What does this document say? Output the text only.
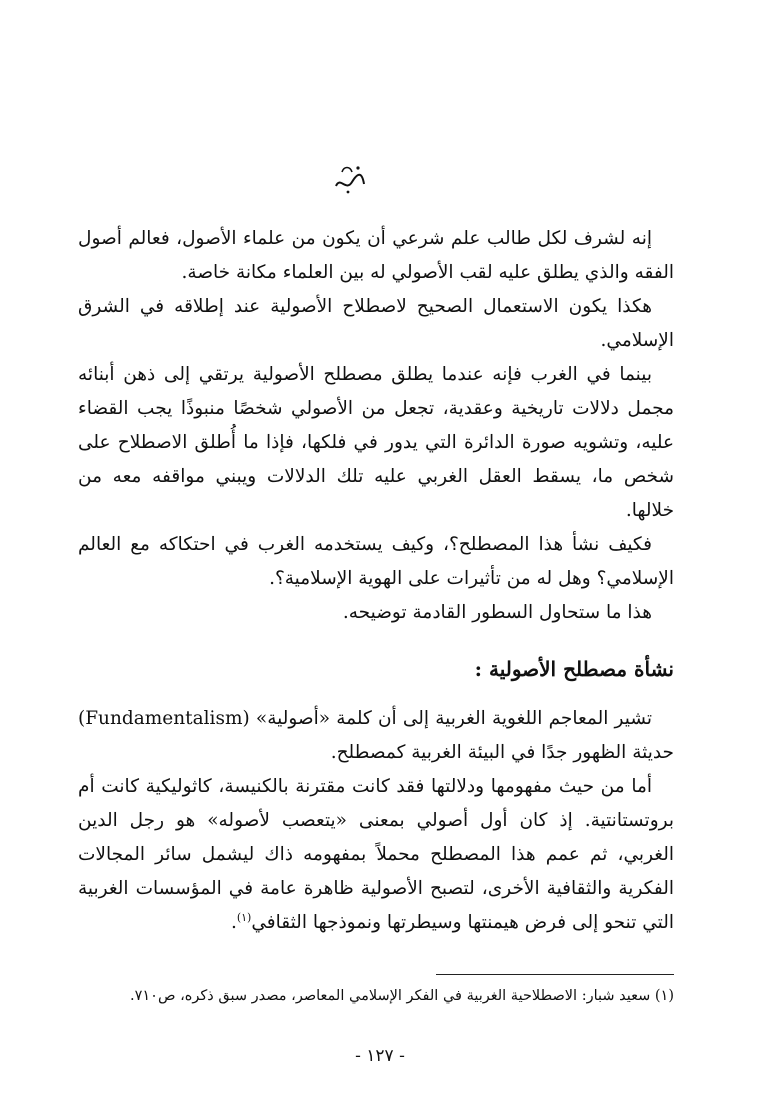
إنه لشرف لكل طالب علم شرعي أن يكون من علماء الأصول، فعالم أصول الفقه والذي يطلق عليه لقب الأصولي له بين العلماء مكانة خاصة.

هكذا يكون الاستعمال الصحيح لاصطلاح الأصولية عند إطلاقه في الشرق الإسلامي.

بينما في الغرب فإنه عندما يطلق مصطلح الأصولية يرتقي إلى ذهن أبنائه مجمل دلالات تاريخية وعقدية، تجعل من الأصولي شخصًا منبوذًا يجب القضاء عليه، وتشويه صورة الدائرة التي يدور في فلكها، فإذا ما أُطلق الاصطلاح على شخص ما، يسقط العقل الغربي عليه تلك الدلالات ويبني مواقفه معه من خلالها.

فكيف نشأ هذا المصطلح؟، وكيف يستخدمه الغرب في احتكاكه مع العالم الإسلامي؟ وهل له من تأثيرات على الهوية الإسلامية؟.

هذا ما ستحاول السطور القادمة توضيحه.

نشأة مصطلح الأصولية :

تشير المعاجم اللغوية الغربية إلى أن كلمة «أصولية» (Fundamentalism) حديثة الظهور جدًا في البيئة الغربية كمصطلح.

أما من حيث مفهومها ودلالتها فقد كانت مقترنة بالكنيسة، كاثوليكية كانت أم بروتستانتية. إذ كان أول أصولي بمعنى «يتعصب لأصوله» هو رجل الدين الغربي، ثم عمم هذا المصطلح محملاً بمفهومه ذاك ليشمل سائر المجالات الفكرية والثقافية الأخرى، لتصبح الأصولية ظاهرة عامة في المؤسسات الغربية التي تنحو إلى فرض هيمنتها وسيطرتها ونموذجها الثقافي$^{(١)}$.

(١) سعيد شبار: الاصطلاحية الغربية في الفكر الإسلامي المعاصر، مصدر سبق ذكره، ص٧١٠.
- ١٢٧ -
